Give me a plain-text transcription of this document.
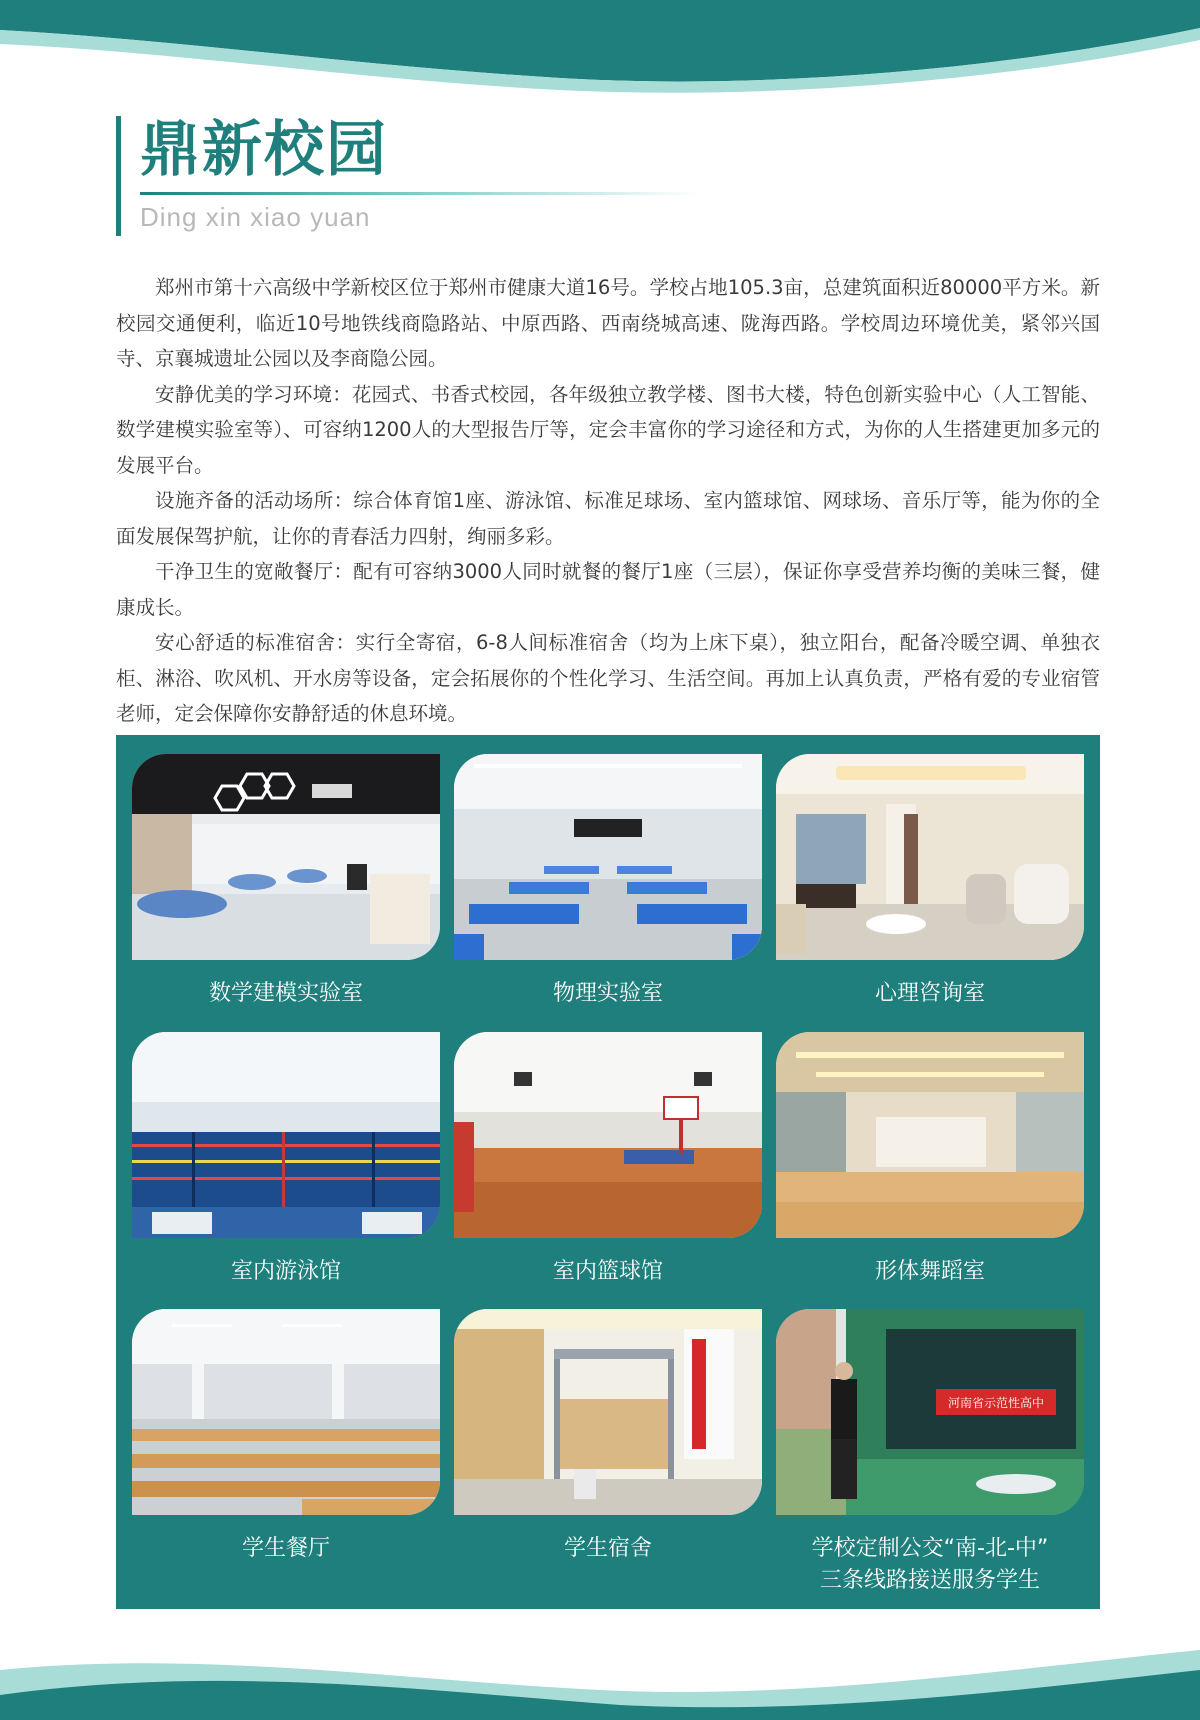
鼎新校园
Ding xin xiao yuan

郑州市第十六高级中学新校区位于郑州市健康大道16号。学校占地105.3亩，总建筑面积近80000平方米。新校园交通便利，临近10号地铁线商隐路站、中原西路、西南绕城高速、陇海西路。学校周边环境优美，紧邻兴国寺、京襄城遗址公园以及李商隐公园。

安静优美的学习环境：花园式、书香式校园，各年级独立教学楼、图书大楼，特色创新实验中心（人工智能、数学建模实验室等）、可容纳1200人的大型报告厅等，定会丰富你的学习途径和方式，为你的人生搭建更加多元的发展平台。

设施齐备的活动场所：综合体育馆1座、游泳馆、标准足球场、室内篮球馆、网球场、音乐厅等，能为你的全面发展保驾护航，让你的青春活力四射，绚丽多彩。

干净卫生的宽敞餐厅：配有可容纳3000人同时就餐的餐厅1座（三层），保证你享受营养均衡的美味三餐，健康成长。

安心舒适的标准宿舍：实行全寄宿，6-8人间标准宿舍（均为上床下桌），独立阳台，配备冷暖空调、单独衣柜、淋浴、吹风机、开水房等设备，定会拓展你的个性化学习、生活空间。再加上认真负责，严格有爱的专业宿管老师，定会保障你安静舒适的休息环境。

数学建模实验室	物理实验室	心理咨询室
室内游泳馆	室内篮球馆	形体舞蹈室
学生餐厅	学生宿舍
河南省示范性高中
学校定制公交“南-北-中”
三条线路接送服务学生
